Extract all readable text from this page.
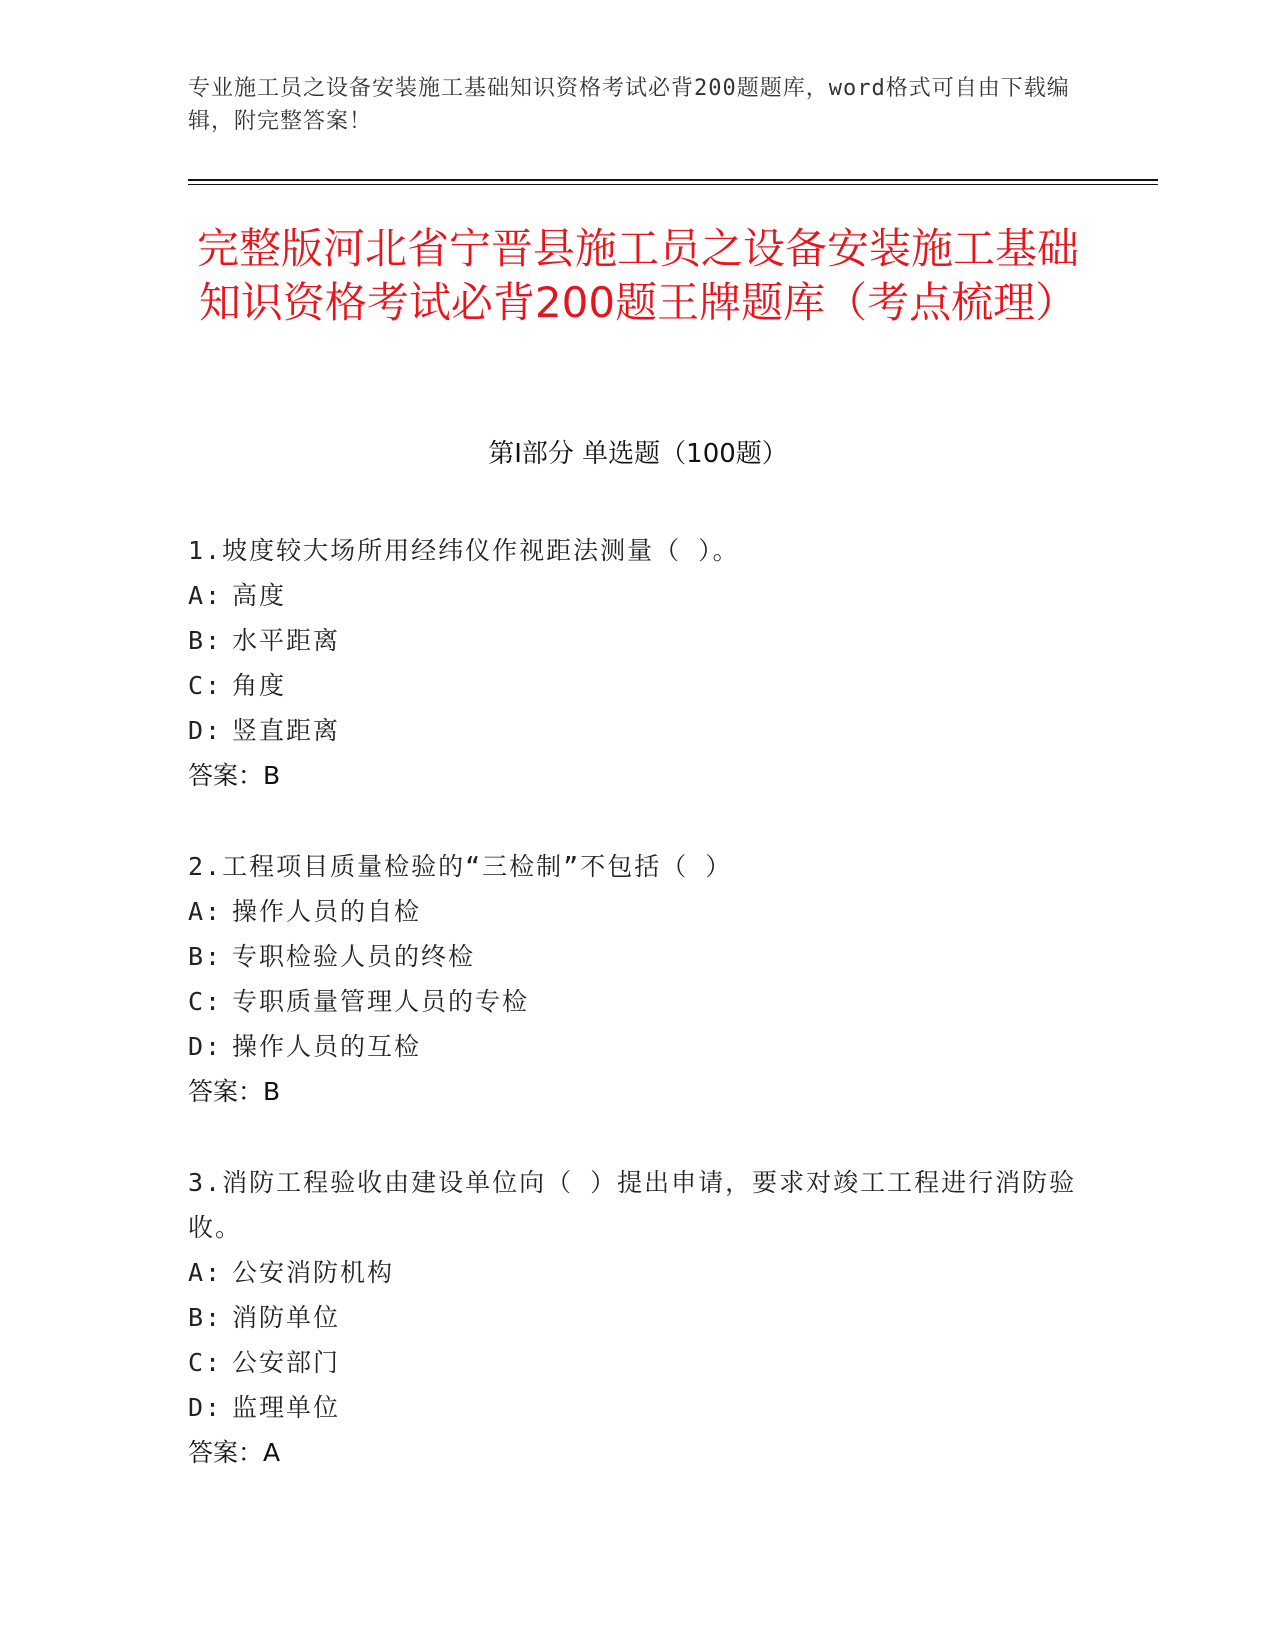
专业施工员之设备安装施工基础知识资格考试必背200题题库，word格式可自由下载编辑，附完整答案！
完整版河北省宁晋县施工员之设备安装施工基础知识资格考试必背200题王牌题库（考点梳理）
第Ⅰ部分 单选题（100题）
1.坡度较大场所用经纬仪作视距法测量（ ）。
A: 高度
B: 水平距离
C: 角度
D: 竖直距离
答案：B
2.工程项目质量检验的“三检制”不包括（ ）
A: 操作人员的自检
B: 专职检验人员的终检
C: 专职质量管理人员的专检
D: 操作人员的互检
答案：B
3.消防工程验收由建设单位向（ ）提出申请，要求对竣工工程进行消防验收。
A: 公安消防机构
B: 消防单位
C: 公安部门
D: 监理单位
答案：A
